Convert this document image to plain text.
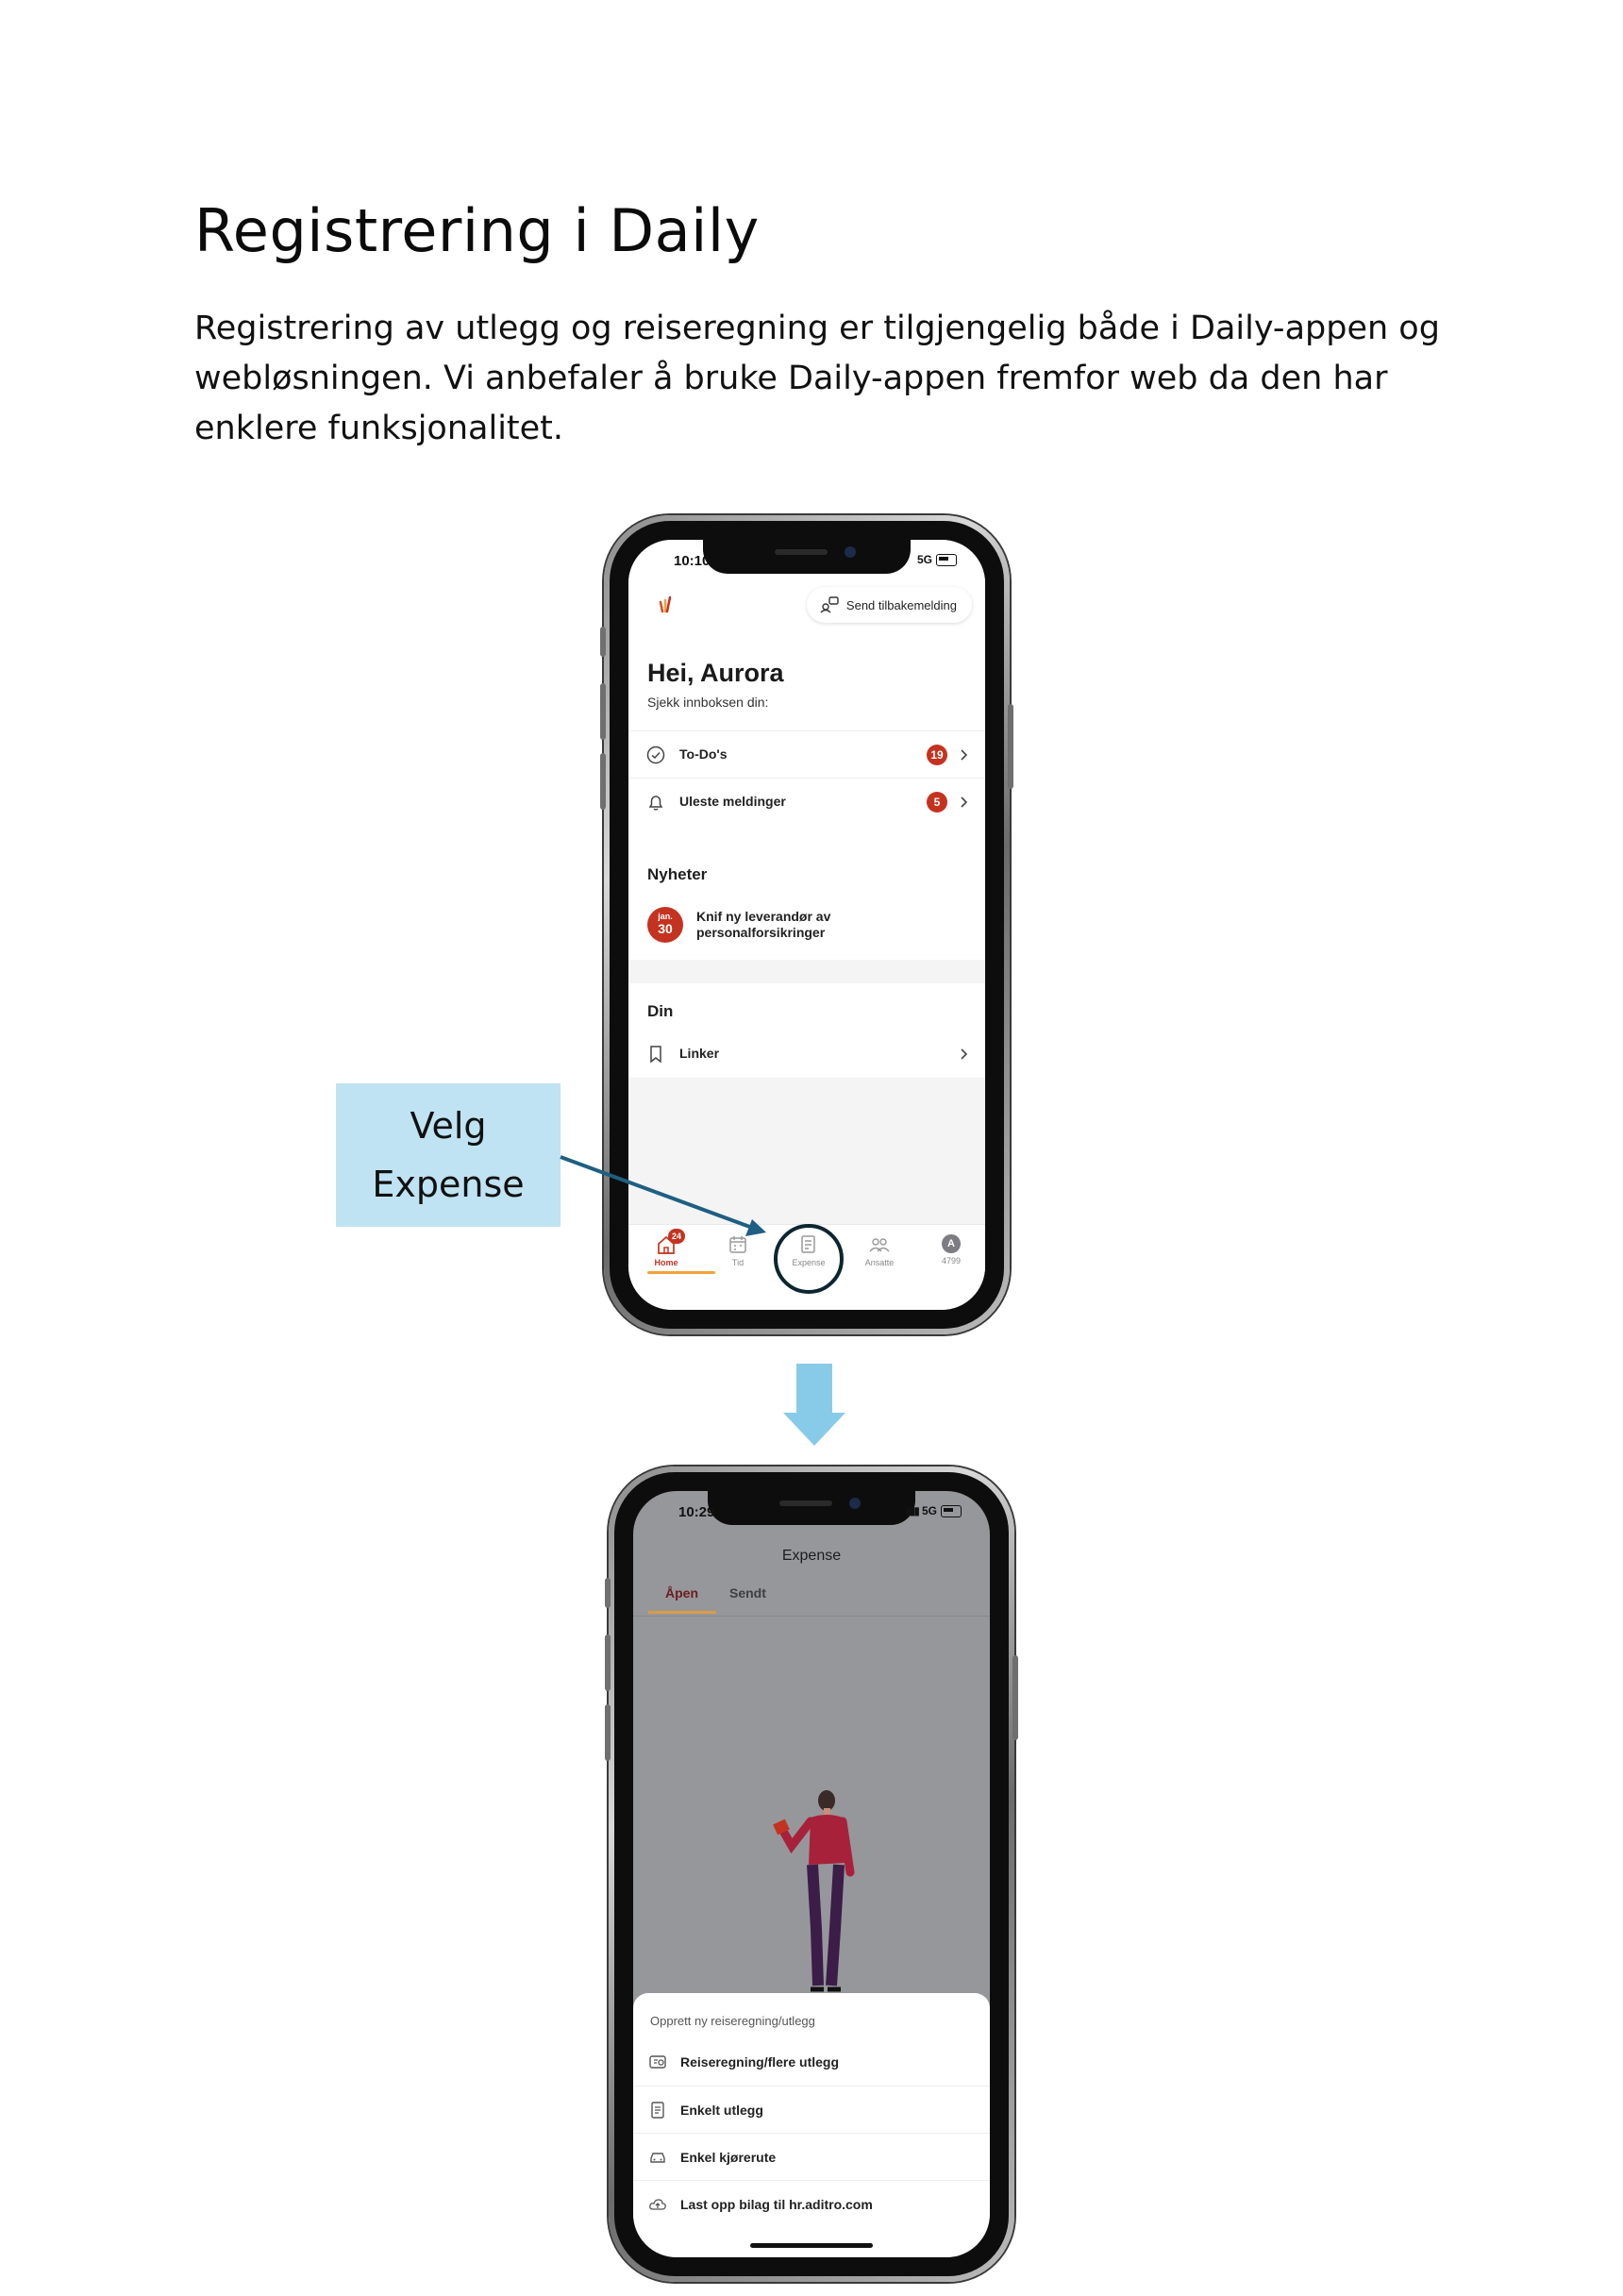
Registrering i Daily

Registrering av utlegg og reiseregning er tilgjengelig både i Daily-appen og webløsningen. Vi anbefaler å bruke Daily-appen fremfor web da den har enklere funksjonalitet.

10:10	5G
Send tilbakemelding
Hei, Aurora
Sjekk innboksen din:
To-Do's	19
Uleste meldinger	5
Nyheter
jan.
30
Knif ny leverandør av personalforsikringer
Din
Linker
24
Home	Tid	Expense	Ansatte
A
4799
Velg
Expense
10:29	▮▮▮ 5G
Expense
Åpen Sendt
Opprett ny reiseregning/utlegg
Reiseregning/flere utlegg
Enkelt utlegg
Enkel kjørerute
Last opp bilag til hr.aditro.com
